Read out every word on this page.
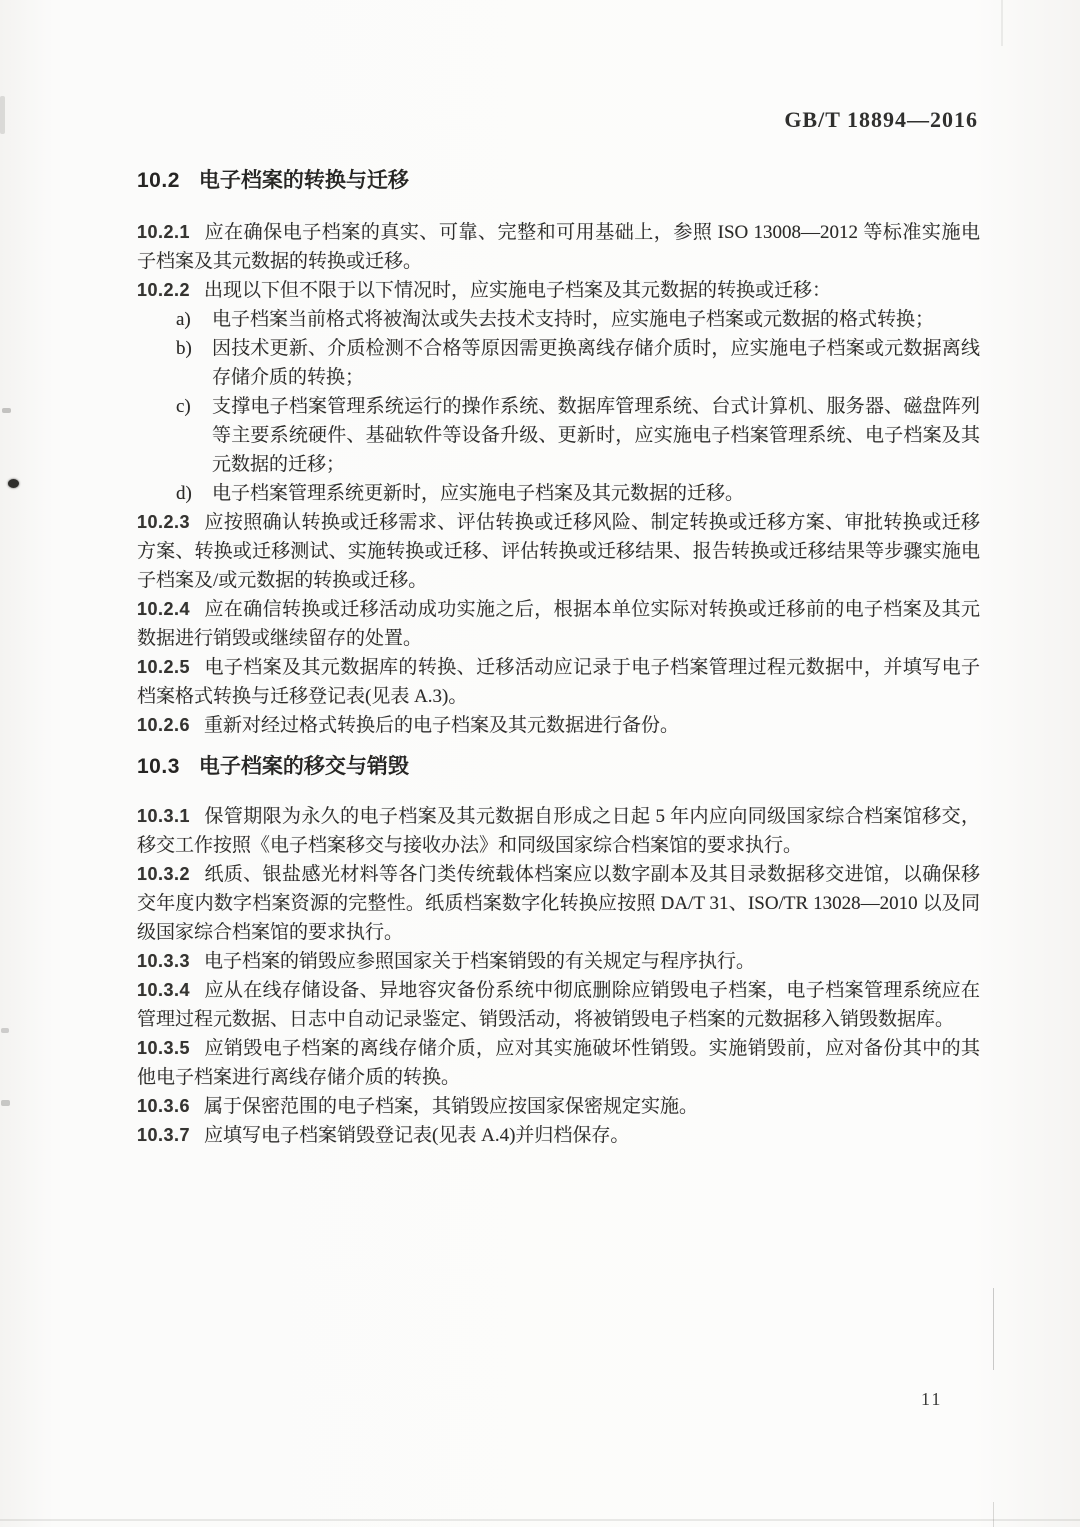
GB/T 18894—2016
10.2 电子档案的转换与迁移

10.2.1 应在确保电子档案的真实、可靠、完整和可用基础上，参照 ISO 13008—2012 等标准实施电子档案及其元数据的转换或迁移。

10.2.2 出现以下但不限于以下情况时，应实施电子档案及其元数据的转换或迁移：

a) 电子档案当前格式将被淘汰或失去技术支持时，应实施电子档案或元数据的格式转换；
b) 因技术更新、介质检测不合格等原因需更换离线存储介质时，应实施电子档案或元数据离线存储介质的转换；
c) 支撑电子档案管理系统运行的操作系统、数据库管理系统、台式计算机、服务器、磁盘阵列等主要系统硬件、基础软件等设备升级、更新时，应实施电子档案管理系统、电子档案及其元数据的迁移；
d) 电子档案管理系统更新时，应实施电子档案及其元数据的迁移。

10.2.3 应按照确认转换或迁移需求、评估转换或迁移风险、制定转换或迁移方案、审批转换或迁移方案、转换或迁移测试、实施转换或迁移、评估转换或迁移结果、报告转换或迁移结果等步骤实施电子档案及/或元数据的转换或迁移。

10.2.4 应在确信转换或迁移活动成功实施之后，根据本单位实际对转换或迁移前的电子档案及其元数据进行销毁或继续留存的处置。

10.2.5 电子档案及其元数据库的转换、迁移活动应记录于电子档案管理过程元数据中，并填写电子档案格式转换与迁移登记表(见表 A.3)。

10.2.6 重新对经过格式转换后的电子档案及其元数据进行备份。

10.3 电子档案的移交与销毁

10.3.1 保管期限为永久的电子档案及其元数据自形成之日起 5 年内应向同级国家综合档案馆移交，移交工作按照《电子档案移交与接收办法》和同级国家综合档案馆的要求执行。

10.3.2 纸质、银盐感光材料等各门类传统载体档案应以数字副本及其目录数据移交进馆，以确保移交年度内数字档案资源的完整性。纸质档案数字化转换应按照 DA/T 31、ISO/TR 13028—2010 以及同级国家综合档案馆的要求执行。

10.3.3 电子档案的销毁应参照国家关于档案销毁的有关规定与程序执行。

10.3.4 应从在线存储设备、异地容灾备份系统中彻底删除应销毁电子档案，电子档案管理系统应在管理过程元数据、日志中自动记录鉴定、销毁活动，将被销毁电子档案的元数据移入销毁数据库。

10.3.5 应销毁电子档案的离线存储介质，应对其实施破坏性销毁。实施销毁前，应对备份其中的其他电子档案进行离线存储介质的转换。

10.3.6 属于保密范围的电子档案，其销毁应按国家保密规定实施。

10.3.7 应填写电子档案销毁登记表(见表 A.4)并归档保存。

11
